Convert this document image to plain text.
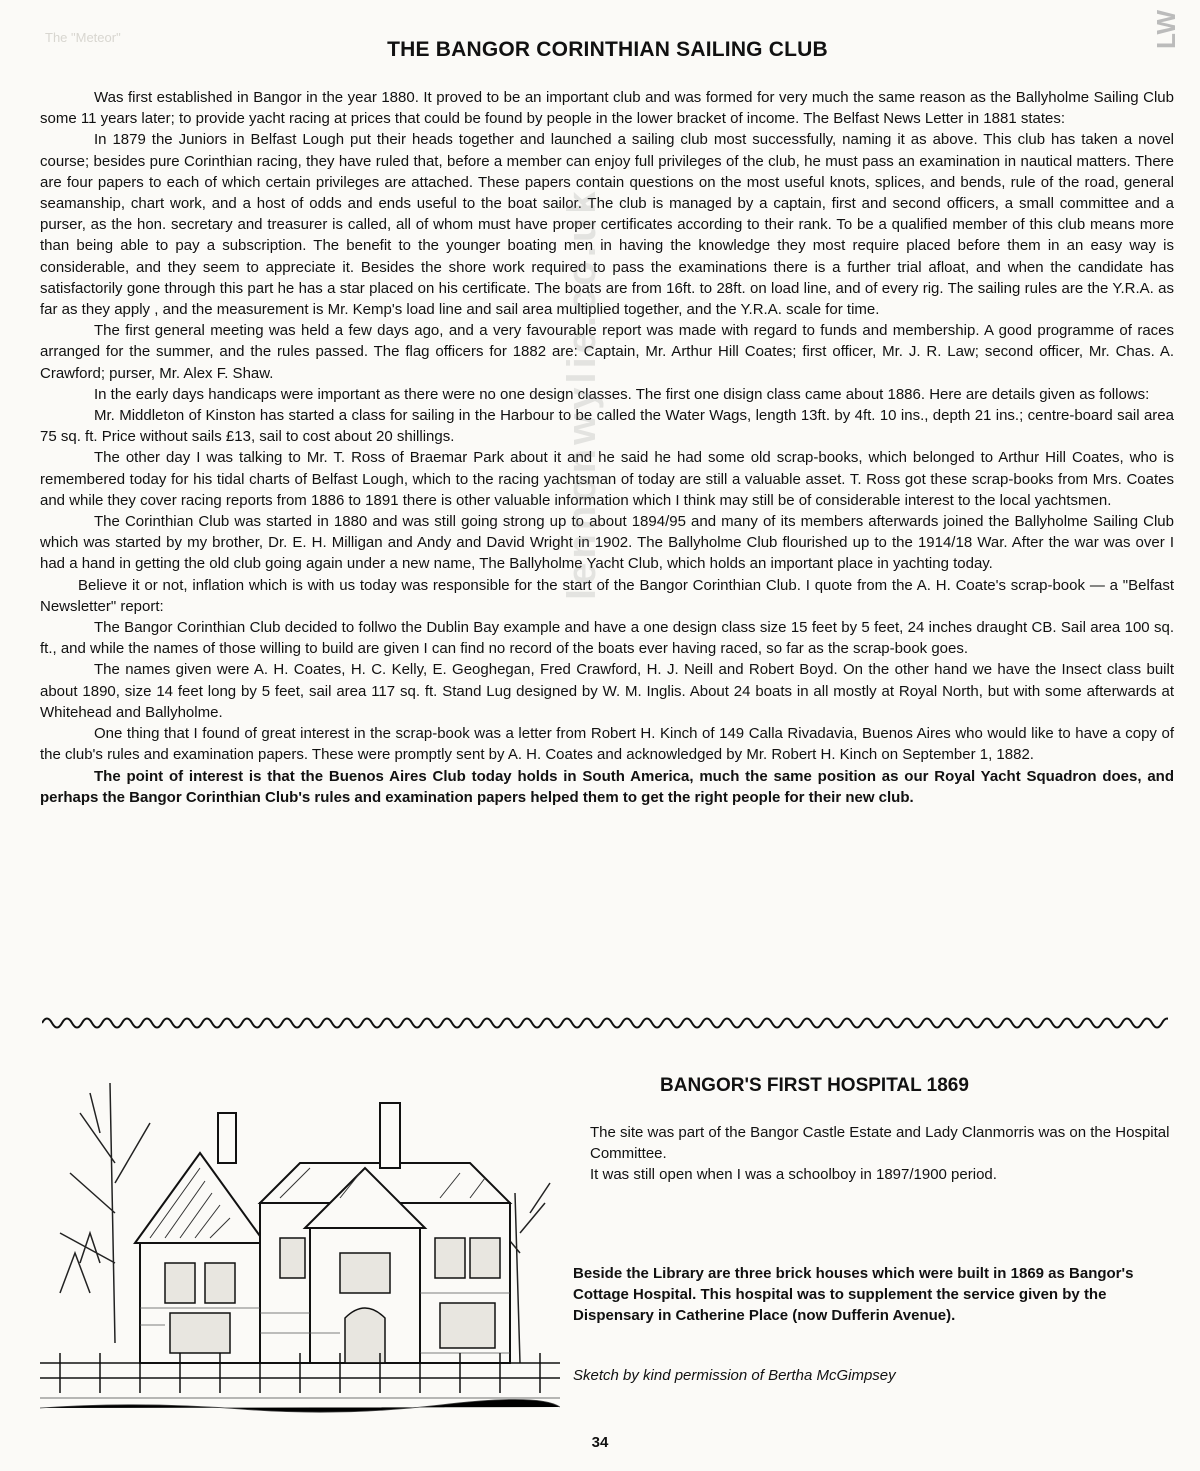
LW
The "Meteor"
THE BANGOR CORINTHIAN SAILING CLUB

Was first established in Bangor in the year 1880. It proved to be an important club and was formed for very much the same reason as the Ballyholme Sailing Club some 11 years later; to provide yacht racing at prices that could be found by people in the lower bracket of income. The Belfast News Letter in 1881 states:

In 1879 the Juniors in Belfast Lough put their heads together and launched a sailing club most successfully, naming it as above. This club has taken a novel course; besides pure Corinthian racing, they have ruled that, before a member can enjoy full privileges of the club, he must pass an examination in nautical matters. There are four papers to each of which certain privileges are attached. These papers contain questions on the most useful knots, splices, and bends, rule of the road, general seamanship, chart work, and a host of odds and ends useful to the boat sailor. The club is managed by a captain, first and second officers, a small committee and a purser, as the hon. secretary and treasurer is called, all of whom must have proper certificates according to their rank. To be a qualified member of this club means more than being able to pay a subscription. The benefit to the younger boating men in having the knowledge they most require placed before them in an easy way is considerable, and they seem to appreciate it. Besides the shore work required to pass the examinations there is a further trial afloat, and when the candidate has satisfactorily gone through this part he has a star placed on his certificate. The boats are from 16ft. to 28ft. on load line, and of every rig. The sailing rules are the Y.R.A. as far as they apply , and the measurement is Mr. Kemp's load line and sail area multiplied together, and the Y.R.A. scale for time.

The first general meeting was held a few days ago, and a very favourable report was made with regard to funds and membership. A good programme of races arranged for the summer, and the rules passed. The flag officers for 1882 are: Captain, Mr. Arthur Hill Coates; first officer, Mr. J. R. Law; second officer, Mr. Chas. A. Crawford; purser, Mr. Alex F. Shaw.

In the early days handicaps were important as there were no one design classes. The first one disign class came about 1886. Here are details given as follows:

Mr. Middleton of Kinston has started a class for sailing in the Harbour to be called the Water Wags, length 13ft. by 4ft. 10 ins., depth 21 ins.; centre-board sail area 75 sq. ft. Price without sails £13, sail to cost about 20 shillings.

The other day I was talking to Mr. T. Ross of Braemar Park about it and he said he had some old scrap-books, which belonged to Arthur Hill Coates, who is remembered today for his tidal charts of Belfast Lough, which to the racing yachtsman of today are still a valuable asset. T. Ross got these scrap-books from Mrs. Coates and while they cover racing reports from 1886 to 1891 there is other valuable information which I think may still be of considerable interest to the local yachtsmen.

The Corinthian Club was started in 1880 and was still going strong up to about 1894/95 and many of its members afterwards joined the Ballyholme Sailing Club which was started by my brother, Dr. E. H. Milligan and Andy and David Wright in 1902. The Ballyholme Club flourished up to the 1914/18 War. After the war was over I had a hand in getting the old club going again under a new name, The Ballyholme Yacht Club, which holds an important place in yachting today.

Believe it or not, inflation which is with us today was responsible for the start of the Bangor Corinthian Club. I quote from the A. H. Coate's scrap-book — a "Belfast Newsletter" report:

The Bangor Corinthian Club decided to follwo the Dublin Bay example and have a one design class size 15 feet by 5 feet, 24 inches draught CB. Sail area 100 sq. ft., and while the names of those willing to build are given I can find no record of the boats ever having raced, so far as the scrap-book goes.

The names given were A. H. Coates, H. C. Kelly, E. Geoghegan, Fred Crawford, H. J. Neill and Robert Boyd. On the other hand we have the Insect class built about 1890, size 14 feet long by 5 feet, sail area 117 sq. ft. Stand Lug designed by W. M. Inglis. About 24 boats in all mostly at Royal North, but with some afterwards at Whitehead and Ballyholme.

One thing that I found of great interest in the scrap-book was a letter from Robert H. Kinch of 149 Calla Rivadavia, Buenos Aires who would like to have a copy of the club's rules and examination papers. These were promptly sent by A. H. Coates and acknowledged by Mr. Robert H. Kinch on September 1, 1882.

The point of interest is that the Buenos Aires Club today holds in South America, much the same position as our Royal Yacht Squadron does, and perhaps the Bangor Corinthian Club's rules and examination papers helped them to get the right people for their new club.

lennonwylie.co.uk
BANGOR'S FIRST HOSPITAL 1869

The site was part of the Bangor Castle Estate and Lady Clanmorris was on the Hospital Committee.

It was still open when I was a schoolboy in 1897/1900 period.

Beside the Library are three brick houses which were built in 1869 as Bangor's Cottage Hospital. This hospital was to supplement the service given by the Dispensary in Catherine Place (now Dufferin Avenue).

Sketch by kind permission of Bertha McGimpsey

34
